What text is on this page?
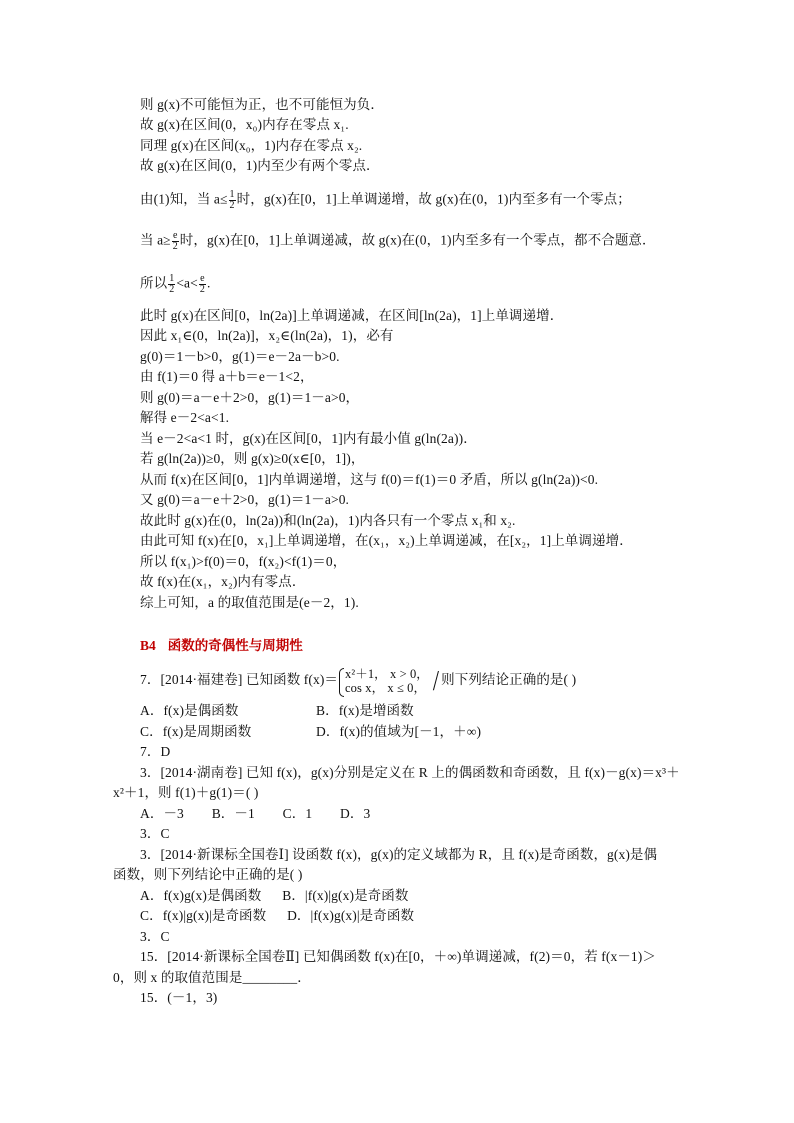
则 g(x)不可能恒为正，也不可能恒为负．
故 g(x)在区间(0，x₀)内存在零点 x₁.
同理 g(x)在区间(x₀，1)内存在零点 x₂.
故 g(x)在区间(0，1)内至少有两个零点．
由(1)知，当 $a\le \frac{1}{2}$ 时，g(x)在[0，1]上单调递增，故 g(x)在(0，1)内至多有一个零点；
当 $a\ge \frac{e}{2}$ 时，g(x)在[0，1]上单调递减，故 g(x)在(0，1)内至多有一个零点，都不合题意．
所以 $\frac{1}{2} <a< \frac{e}{2}$ .
此时 g(x)在区间[0，ln(2a)]上单调递减，在区间[ln(2a)，1]上单调递增．
因此 x₁∈(0，ln(2a)]，x₂∈(ln(2a)，1)，必有
g(0)＝1－b>0，g(1)＝e－2a－b>0.
由 f(1)＝0 得 a＋b＝e－1<2，
则 g(0)＝a－e＋2>0，g(1)＝1－a>0，
解得 e－2<a<1.
当 e－2<a<1 时，g(x)在区间[0，1]内有最小值 g(ln(2a))．
若 g(ln(2a))≥0，则 g(x)≥0(x∈[0，1])，
从而 f(x)在区间[0，1]内单调递增，这与 f(0)＝f(1)＝0 矛盾，所以 g(ln(2a))<0.
又 g(0)＝a－e＋2>0，g(1)＝1－a>0.
故此时 g(x)在(0，ln(2a))和(ln(2a)，1)内各只有一个零点 x₁和 x₂.
由此可知 f(x)在[0，x₁]上单调递增，在(x₁，x₂)上单调递减，在[x₂，1]上单调递增．
所以 f(x₁)>f(0)＝0，f(x₂)<f(1)＝0，
故 f(x)在(x₁，x₂)内有零点．
综上可知，a 的取值范围是(e－2，1).
B4 函数的奇偶性与周期性
7．[2014·福建卷] 已知函数 f(x)＝ x²＋1， x > 0，
cos x， x ≤ 0， / 则下列结论正确的是( )
A．f(x)是偶函数	B．f(x)是增函数
C．f(x)是周期函数	D．f(x)的值域为[－1，＋∞)
7．D
3．[2014·湖南卷] 已知 f(x)，g(x)分别是定义在 R 上的偶函数和奇函数，且 f(x)－g(x)＝x³＋
x²＋1，则 f(1)＋g(1)＝( )
A．－3        B．－1        C．1        D．3
3．C
3．[2014·新课标全国卷Ⅰ] 设函数 f(x)，g(x)的定义域都为 R，且 f(x)是奇函数，g(x)是偶
函数，则下列结论中正确的是( )
A．f(x)g(x)是偶函数      B．|f(x)|g(x)是奇函数
C．f(x)|g(x)|是奇函数      D．|f(x)g(x)|是奇函数
3．C
15．[2014·新课标全国卷Ⅱ] 已知偶函数 f(x)在[0，＋∞)单调递减，f(2)＝0，若 f(x－1)＞
0，则 x 的取值范围是________．
15．(－1，3)
